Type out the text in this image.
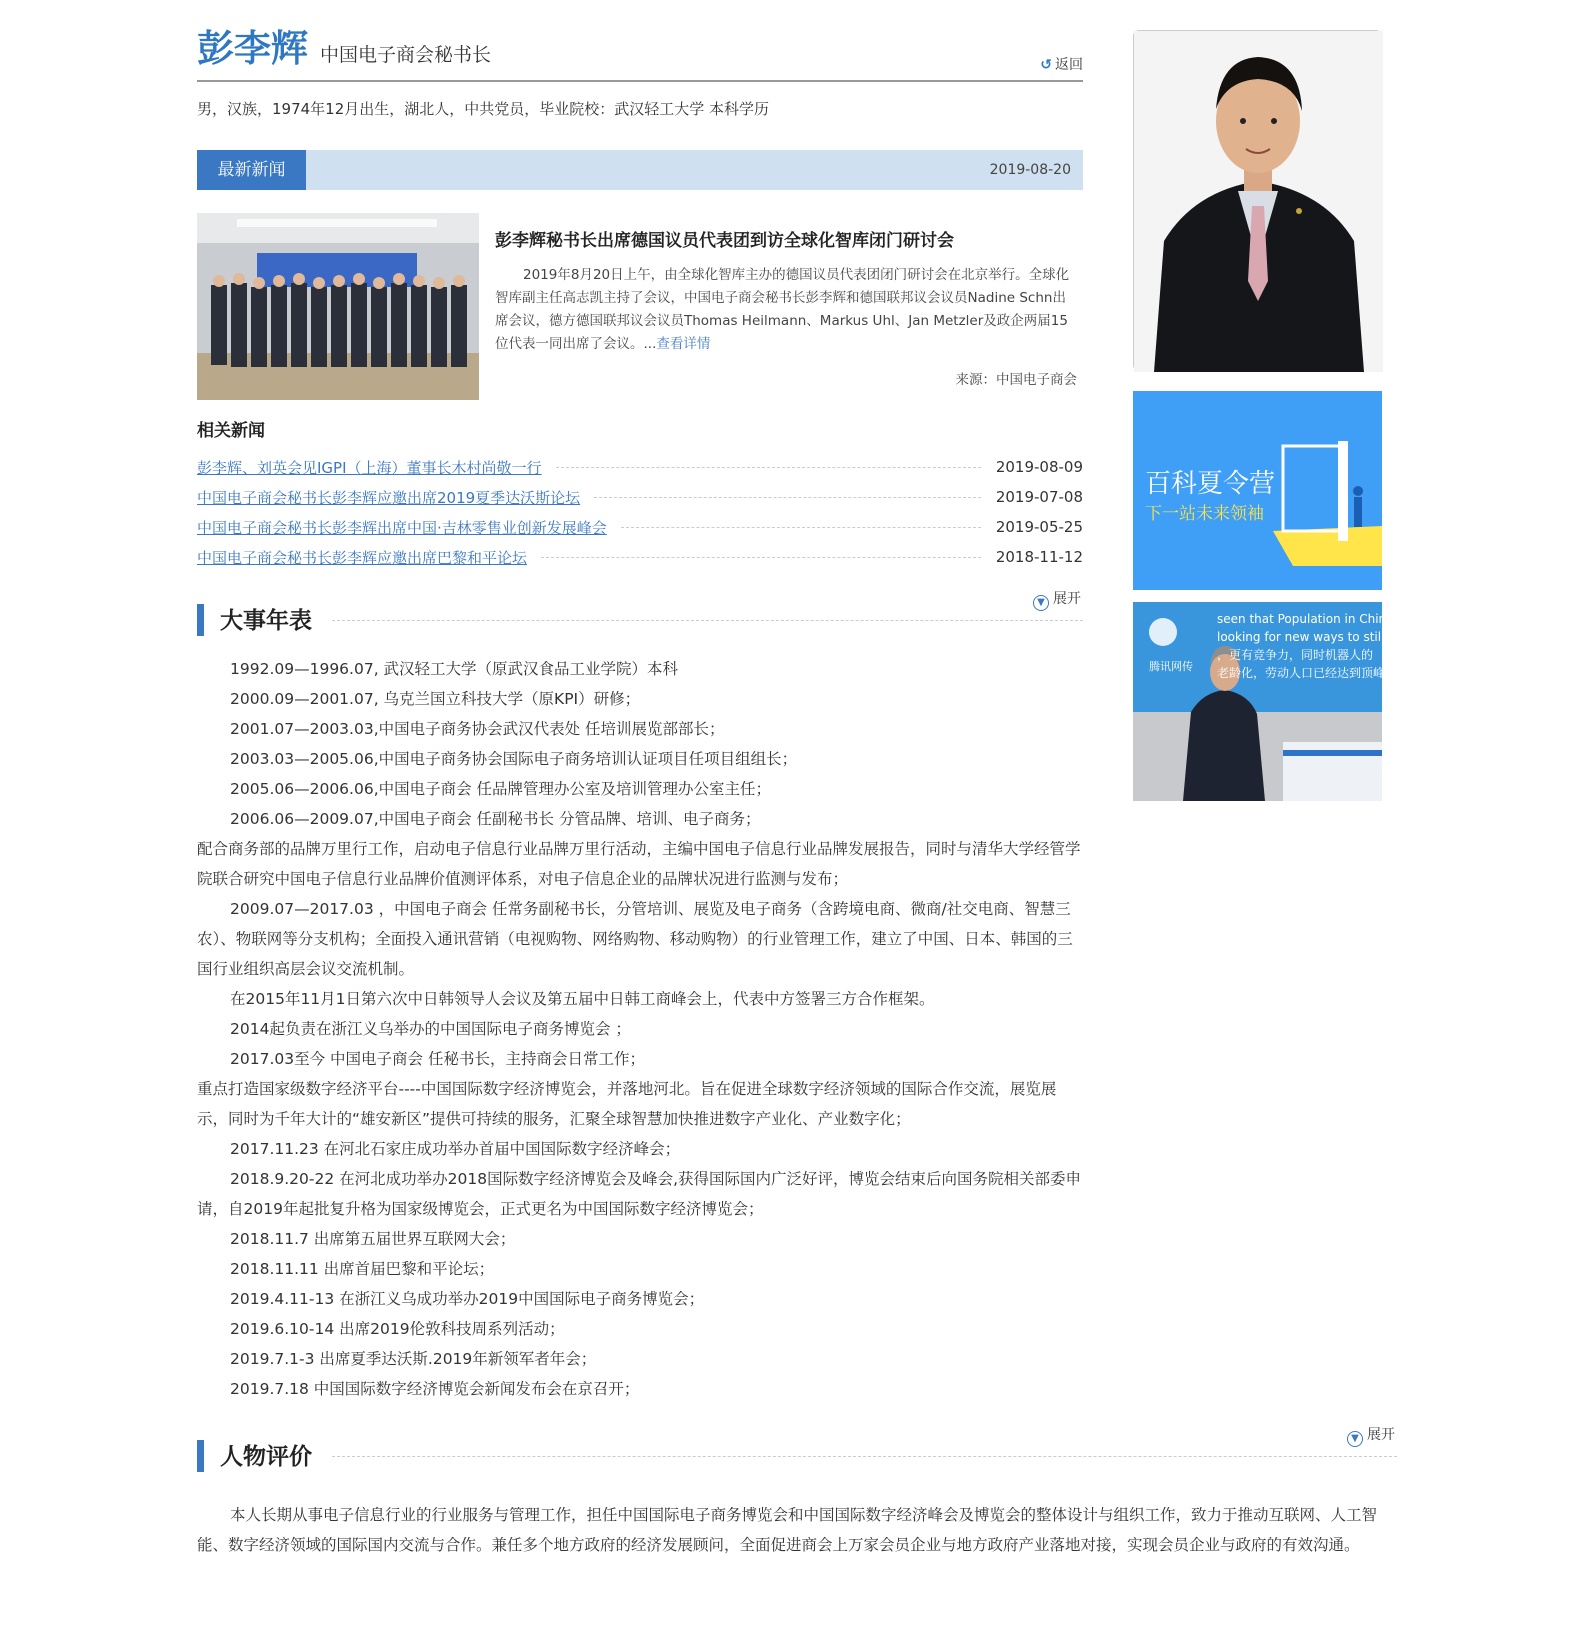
彭李辉 中国电子商会秘书长	↺ 返回
男，汉族，1974年12月出生，湖北人，中共党员，毕业院校：武汉轻工大学 本科学历
最新新闻	2019-08-20
彭李辉秘书长出席德国议员代表团到访全球化智库闭门研讨会
2019年8月20日上午，由全球化智库主办的德国议员代表团闭门研讨会在北京举行。全球化智库副主任高志凯主持了会议，中国电子商会秘书长彭李辉和德国联邦议会议员Nadine Schn出席会议，德方德国联邦议会议员Thomas Heilmann、Markus Uhl、Jan Metzler及政企两届15位代表一同出席了会议。...查看详情
来源：中国电子商会
相关新闻
彭李辉、刘英会见IGPI（上海）董事长木村尚敬一行	2019-08-09
中国电子商会秘书长彭李辉应邀出席2019夏季达沃斯论坛	2019-07-08
中国电子商会秘书长彭李辉出席中国·吉林零售业创新发展峰会	2019-05-25
中国电子商会秘书长彭李辉应邀出席巴黎和平论坛	2018-11-12
大事年表
▼ 展开

1992.09—1996.07, 武汉轻工大学（原武汉食品工业学院）本科

2000.09—2001.07, 乌克兰国立科技大学（原KPI）研修；

2001.07—2003.03,中国电子商务协会武汉代表处 任培训展览部部长；

2003.03—2005.06,中国电子商务协会国际电子商务培训认证项目任项目组组长；

2005.06—2006.06,中国电子商会 任品牌管理办公室及培训管理办公室主任；

2006.06—2009.07,中国电子商会 任副秘书长 分管品牌、培训、电子商务；

配合商务部的品牌万里行工作，启动电子信息行业品牌万里行活动，主编中国电子信息行业品牌发展报告，同时与清华大学经管学院联合研究中国电子信息行业品牌价值测评体系，对电子信息企业的品牌状况进行监测与发布；

2009.07—2017.03 ，中国电子商会 任常务副秘书长，分管培训、展览及电子商务（含跨境电商、微商/社交电商、智慧三农）、物联网等分支机构；全面投入通讯营销（电视购物、网络购物、移动购物）的行业管理工作，建立了中国、日本、韩国的三国行业组织高层会议交流机制。

在2015年11月1日第六次中日韩领导人会议及第五届中日韩工商峰会上，代表中方签署三方合作框架。

2014起负责在浙江义乌举办的中国国际电子商务博览会 ；

2017.03至今 中国电子商会 任秘书长，主持商会日常工作；

重点打造国家级数字经济平台----中国国际数字经济博览会，并落地河北。旨在促进全球数字经济领域的国际合作交流，展览展示，同时为千年大计的“雄安新区”提供可持续的服务，汇聚全球智慧加快推进数字产业化、产业数字化；

2017.11.23 在河北石家庄成功举办首届中国国际数字经济峰会；

2018.9.20-22 在河北成功举办2018国际数字经济博览会及峰会,获得国际国内广泛好评，博览会结束后向国务院相关部委申请，自2019年起批复升格为国家级博览会，正式更名为中国国际数字经济博览会；

2018.11.7 出席第五届世界互联网大会；

2018.11.11 出席首届巴黎和平论坛；

2019.4.11-13 在浙江义乌成功举办2019中国国际电子商务博览会；

2019.6.10-14 出席2019伦敦科技周系列活动；

2019.7.1-3 出席夏季达沃斯.2019年新领军者年会；

2019.7.18 中国国际数字经济博览会新闻发布会在京召开；

人物评价
▼ 展开
本人长期从事电子信息行业的行业服务与管理工作，担任中国国际电子商务博览会和中国国际数字经济峰会及博览会的整体设计与组织工作，致力于推动互联网、人工智能、数字经济领域的国际国内交流与合作。兼任多个地方政府的经济发展顾问，全面促进商会上万家会员企业与地方政府产业落地对接，实现会员企业与政府的有效沟通。
百科夏令营
下一站未来领袖
seen that Population in China s
looking for new ways to still a
，更有竞争力，同时机器人的
老龄化，劳动人口已经达到顶峰
腾讯网传
